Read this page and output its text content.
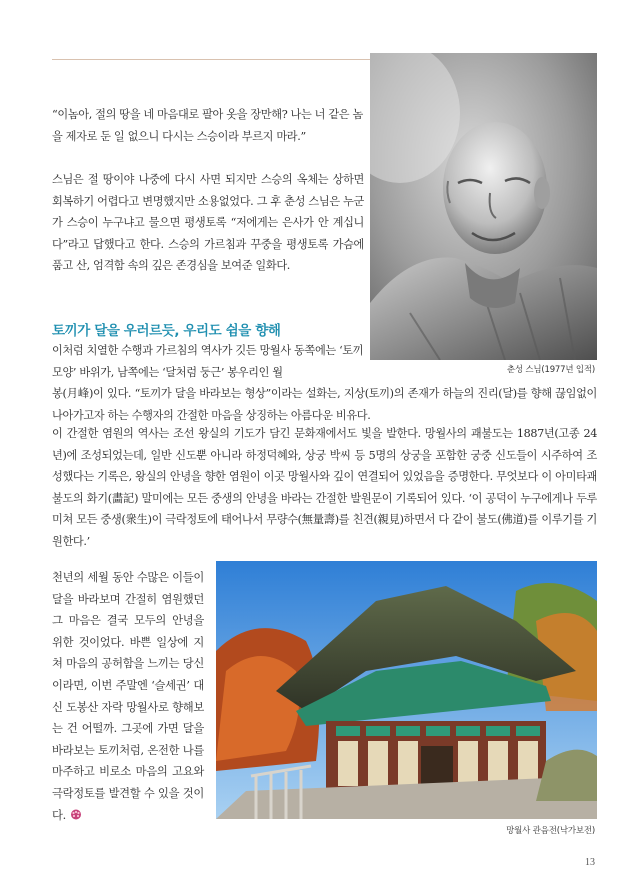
춘성 스님(1977년 입적)

“이놈아, 절의 땅을 네 마음대로 팔아 옷을 장만해? 나는 너 같은 놈을 제자로 둔 일 없으니 다시는 스승이라 부르지 마라.”

스님은 절 땅이야 나중에 다시 사면 되지만 스승의 옥체는 상하면 회복하기 어렵다고 변명했지만 소용없었다. 그 후 춘성 스님은 누군가 스승이 누구냐고 물으면 평생토록 “저에게는 은사가 안 계십니다”라고 답했다고 한다. 스승의 가르침과 꾸중을 평생토록 가슴에 품고 산, 엄격함 속의 깊은 존경심을 보여준 일화다.

토끼가 달을 우러르듯, 우리도 쉼을 향해

이처럼 치열한 수행과 가르침의 역사가 깃든 망월사 동쪽에는 ‘토끼 모양’ 바위가, 남쪽에는 ‘달처럼 둥근’ 봉우리인 월

봉(月峰)이 있다. “토끼가 달을 바라보는 형상”이라는 설화는, 지상(토끼)의 존재가 하늘의 진리(달)를 향해 끊임없이 나아가고자 하는 수행자의 간절한 마음을 상징하는 아름다운 비유다.

이 간절한 염원의 역사는 조선 왕실의 기도가 담긴 문화재에서도 빛을 발한다. 망월사의 괘불도는 1887년(고종 24년)에 조성되었는데, 일반 신도뿐 아니라 하정덕혜와, 상궁 박씨 등 5명의 상궁을 포함한 궁중 신도들이 시주하여 조성했다는 기록은, 왕실의 안녕을 향한 염원이 이곳 망월사와 깊이 연결되어 있었음을 증명한다. 무엇보다 이 아미타괘불도의 화기(畵記) 말미에는 모든 중생의 안녕을 바라는 간절한 발원문이 기록되어 있다. ‘이 공덕이 누구에게나 두루 미쳐 모든 중생(衆生)이 극락정토에 태어나서 무량수(無量壽)를 친견(親見)하면서 다 같이 불도(佛道)를 이루기를 기원한다.’

천년의 세월 동안 수많은 이들이 달을 바라보며 간절히 염원했던 그 마음은 결국 모두의 안녕을 위한 것이었다. 바쁜 일상에 지쳐 마음의 공허함을 느끼는 당신이라면, 이번 주말엔 ‘슬세권’ 대신 도봉산 자락 망월사로 향해보는 건 어떨까. 그곳에 가면 달을 바라보는 토끼처럼, 온전한 나를 마주하고 비로소 마음의 고요와 극락정토를 발견할 수 있을 것이다.

망월사 관음전(낙가보전)
13
